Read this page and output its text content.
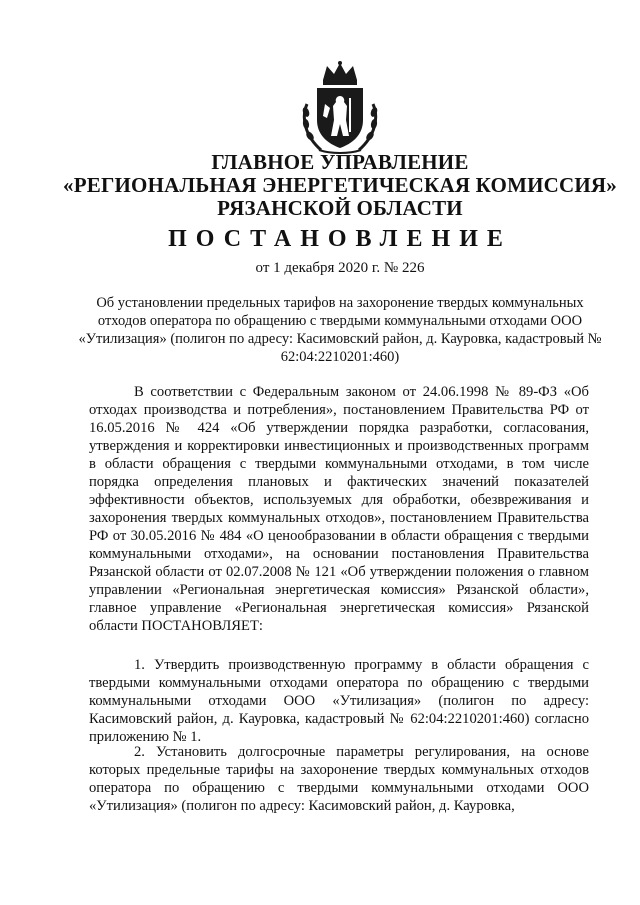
ГЛАВНОЕ УПРАВЛЕНИЕ
«РЕГИОНАЛЬНАЯ ЭНЕРГЕТИЧЕСКАЯ КОМИССИЯ»
РЯЗАНСКОЙ ОБЛАСТИ
ПОСТАНОВЛЕНИЕ
от 1 декабря 2020 г. № 226
Об установлении предельных тарифов на захоронение твердых коммунальных отходов оператора по обращению с твердыми коммунальными отходами ООО «Утилизация» (полигон по адресу: Касимовский район, д. Кауровка, кадастровый № 62:04:2210201:460)

В соответствии с Федеральным законом от 24.06.1998 № 89-ФЗ «Об отходах производства и потребления», постановлением Правительства РФ от 16.05.2016 № 424 «Об утверждении порядка разработки, согласования, утверждения и корректировки инвестиционных и производственных программ в области обращения с твердыми коммунальными отходами, в том числе порядка определения плановых и фактических значений показателей эффективности объектов, используемых для обработки, обезвреживания и захоронения твердых коммунальных отходов», постановлением Правительства РФ от 30.05.2016 № 484 «О ценообразовании в области обращения с твердыми коммунальными отходами», на основании постановления Правительства Рязанской области от 02.07.2008 № 121 «Об утверждении положения о главном управлении «Региональная энергетическая комиссия» Рязанской области», главное управление «Региональная энергетическая комиссия» Рязанской области ПОСТАНОВЛЯЕТ:

1. Утвердить производственную программу в области обращения с твердыми коммунальными отходами оператора по обращению с твердыми коммунальными отходами ООО «Утилизация» (полигон по адресу: Касимовский район, д. Кауровка, кадастровый № 62:04:2210201:460) согласно приложению № 1.

2. Установить долгосрочные параметры регулирования, на основе которых предельные тарифы на захоронение твердых коммунальных отходов оператора по обращению с твердыми коммунальными отходами ООО «Утилизация» (полигон по адресу: Касимовский район, д. Кауровка,
